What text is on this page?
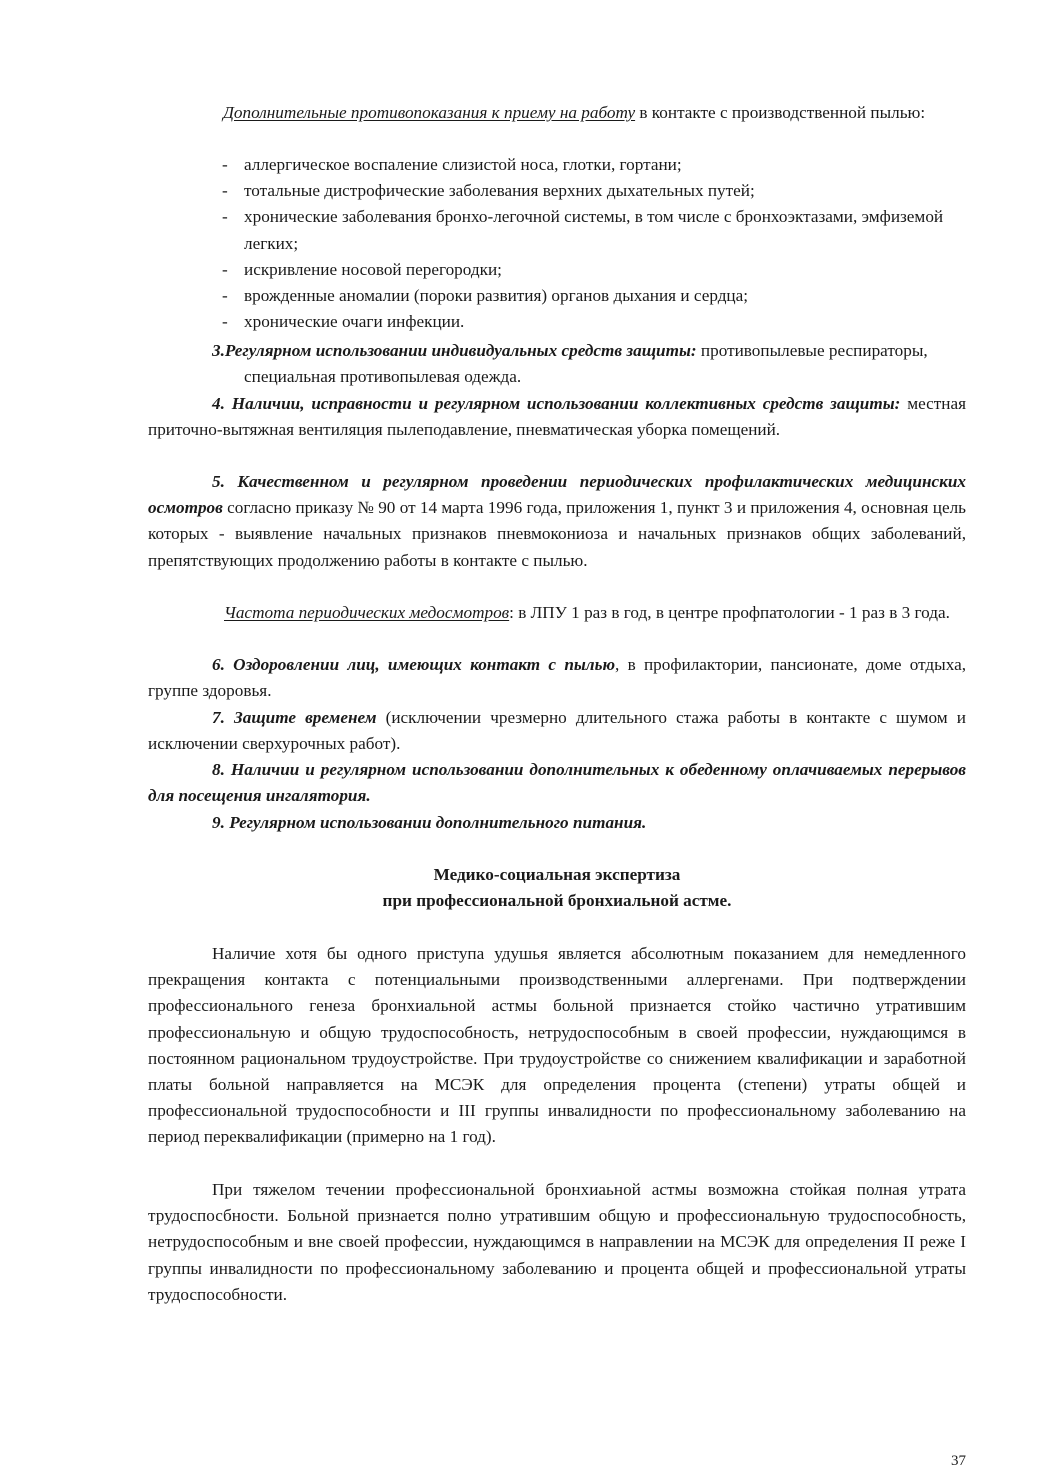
Дополнительные противопоказания к приему на работу в контакте с производственной пылью:

- аллергическое воспаление слизистой носа, глотки, гортани;
- тотальные дистрофические заболевания верхних дыхательных путей;
- хронические заболевания бронхо-легочной системы, в том числе с бронхоэктазами, эмфиземой легких;
- искривление носовой перегородки;
- врожденные аномалии (пороки развития) органов дыхания и сердца;
- хронические очаги инфекции.

3.Регулярном использовании индивидуальных средств защиты: противопылевые респираторы, специальная противопылевая одежда.

4. Наличии, исправности и регулярном использовании коллективных средств защиты: местная приточно-вытяжная вентиляция пылеподавление, пневматическая уборка помещений.

5. Качественном и регулярном проведении периодических профилактических медицинских осмотров согласно приказу № 90 от 14 марта 1996 года, приложения 1, пункт 3 и приложения 4, основная цель которых - выявление начальных признаков пневмокониоза и начальных признаков общих заболеваний, препятствующих продолжению работы в контакте с пылью.

Частота периодических медосмотров: в ЛПУ 1 раз в год, в центре профпатологии - 1 раз в 3 года.

6. Оздоровлении лиц, имеющих контакт с пылью, в профилактории, пансионате, доме отдыха, группе здоровья.

7. Защите временем (исключении чрезмерно длительного стажа работы в контакте с шумом и исключении сверхурочных работ).

8. Наличии и регулярном использовании дополнительных к обеденному оплачиваемых перерывов для посещения ингалятория.

9. Регулярном использовании дополнительного питания.

Медико-социальная экспертиза
при профессиональной бронхиальной астме.

Наличие хотя бы одного приступа удушья является абсолютным показанием для немедленного прекращения контакта с потенциальными производственными аллергенами. При подтверждении профессионального генеза бронхиальной астмы больной признается стойко частично утратившим профессиональную и общую трудоспособность, нетрудоспособным в своей профессии, нуждающимся в постоянном рациональном трудоустройстве. При трудоустройстве со снижением квалификации и заработной платы больной направляется на МСЭК для определения процента (степени) утраты общей и профессиональной трудоспособности и III группы инвалидности по профессиональному заболеванию на период переквалификации (примерно на 1 год).

При тяжелом течении профессиональной бронхиаьной астмы возможна стойкая полная утрата трудоспосбности. Больной признается полно утратившим общую и профессиональную трудоспособность, нетрудоспособным и вне своей профессии, нуждающимся в направлении на МСЭК для определения II реже I группы инвалидности по профессиональному заболеванию и процента общей и профессиональной утраты трудоспособности.

37
